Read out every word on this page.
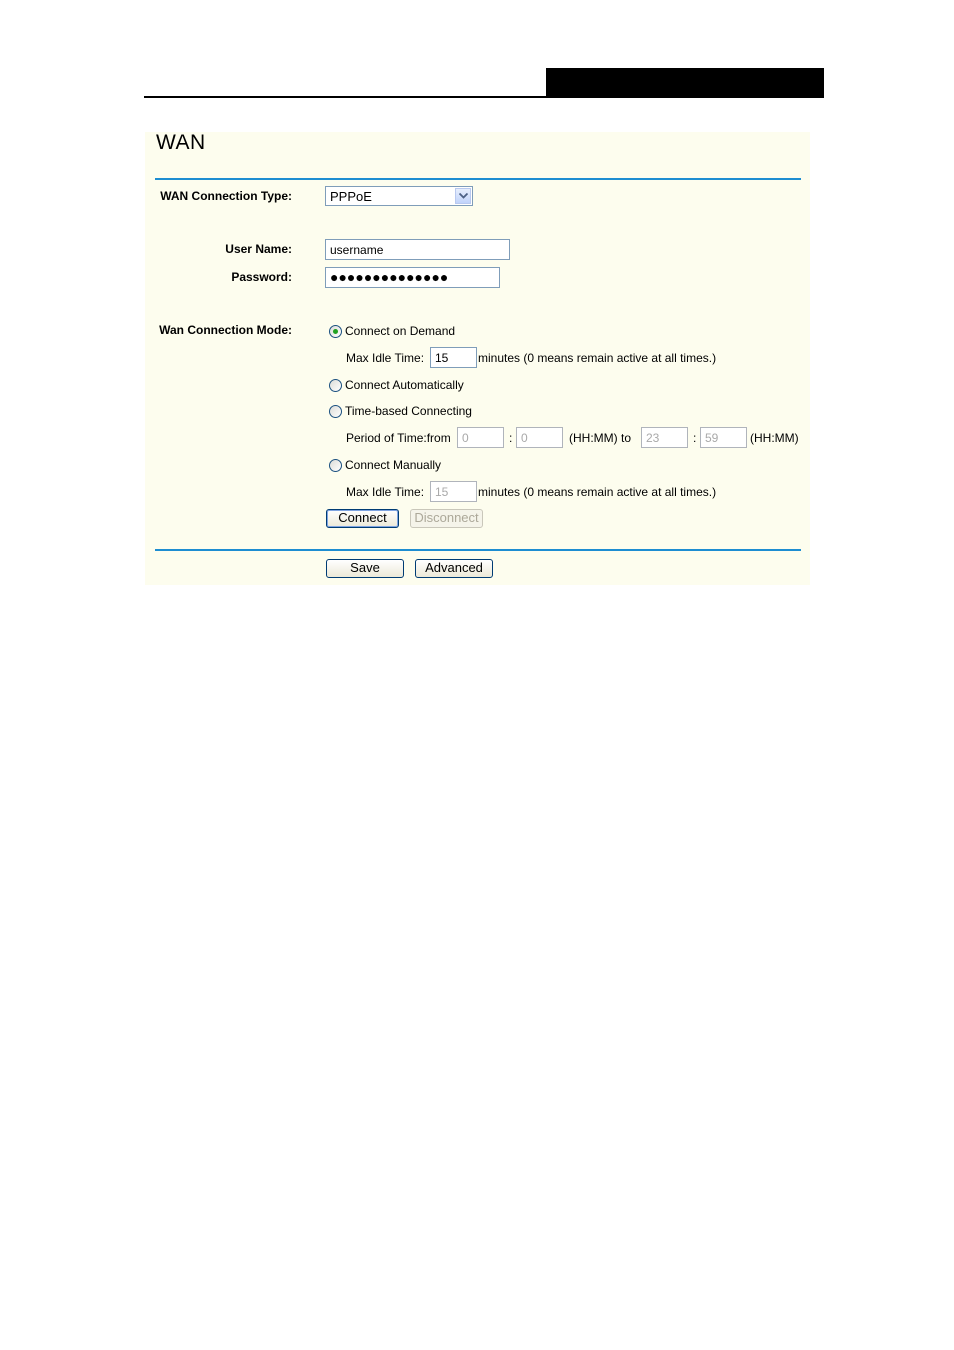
WAN
WAN Connection Type:	PPPoE
User Name:	username
Password:	●●●●●●●●●●●●●●
Wan Connection Mode:	Connect on Demand
Max Idle Time: 15	minutes (0 means remain active at all times.)
Connect Automatically
Time-based Connecting
Period of Time:from 0	: 0	(HH:MM) to	23	: 59	(HH:MM)
Connect Manually
Max Idle Time: 15	minutes (0 means remain active at all times.)
Connect	Disconnect
Save	Advanced
